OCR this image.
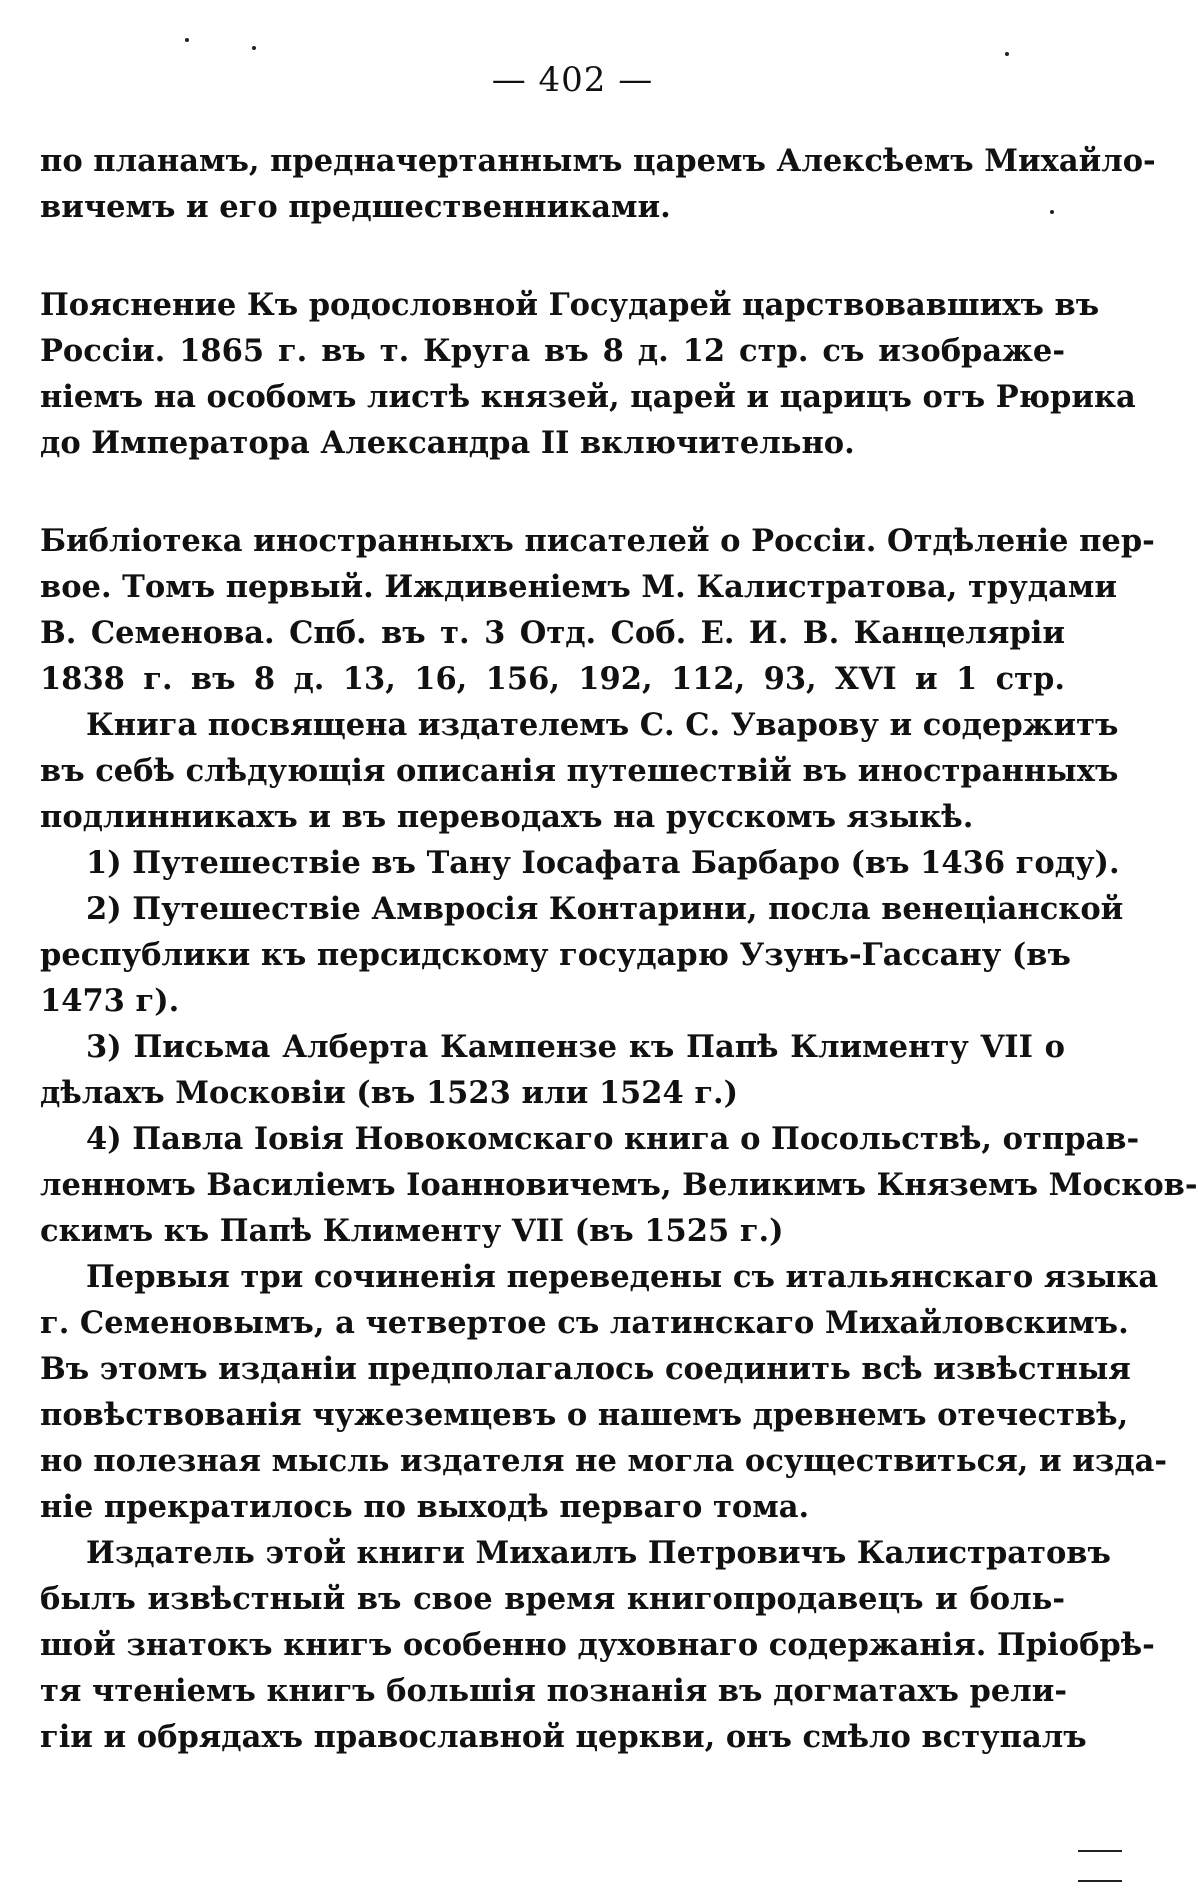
— 402 —
по планамъ, предначертаннымъ царемъ Алексѣемъ Михайло-
вичемъ и его предшественниками.
Пояснение Къ родословной Государей царствовавшихъ въ
Россіи. 1865 г. въ т. Круга въ 8 д. 12 стр. съ изображе-
ніемъ на особомъ листѣ князей, царей и царицъ отъ Рюрика
до Императора Александра II включительно.
Библіотека иностранныхъ писателей о Россіи. Отдѣленіе пер-
вое. Томъ первый. Иждивеніемъ М. Калистратова, трудами
В. Семенова. Спб. въ т. 3 Отд. Соб. Е. И. В. Канцеляріи
1838 г. въ 8 д. 13, 16, 156, 192, 112, 93, XVI и 1 стр.
Книга посвящена издателемъ С. С. Уварову и содержитъ
въ себѣ слѣдующія описанія путешествій въ иностранныхъ
подлинникахъ и въ переводахъ на русскомъ языкѣ.
1) Путешествіе въ Тану Іосафата Барбаро (въ 1436 году).
2) Путешествіе Амвросія Контарини, посла венеціанской
республики къ персидскому государю Узунъ-Гассану (въ
1473 г).
3) Письма Алберта Кампензе къ Папѣ Клименту VII о
дѣлахъ Московіи (въ 1523 или 1524 г.)
4) Павла Іовія Новокомскаго книга о Посольствѣ, отправ-
ленномъ Василіемъ Іоанновичемъ, Великимъ Княземъ Москов-
скимъ къ Папѣ Клименту VII (въ 1525 г.)
Первыя три сочиненія переведены съ итальянскаго языка
г. Семеновымъ, а четвертое съ латинскаго Михайловскимъ.
Въ этомъ изданіи предполагалось соединить всѣ извѣстныя
повѣствованія чужеземцевъ о нашемъ древнемъ отечествѣ,
но полезная мысль издателя не могла осуществиться, и изда-
ніе прекратилось по выходѣ перваго тома.
Издатель этой книги Михаилъ Петровичъ Калистратовъ
былъ извѣстный въ свое время книгопродавецъ и боль-
шой знатокъ книгъ особенно духовнаго содержанія. Пріобрѣ-
тя чтеніемъ книгъ большія познанія въ догматахъ рели-
гіи и обрядахъ православной церкви, онъ смѣло вступалъ
